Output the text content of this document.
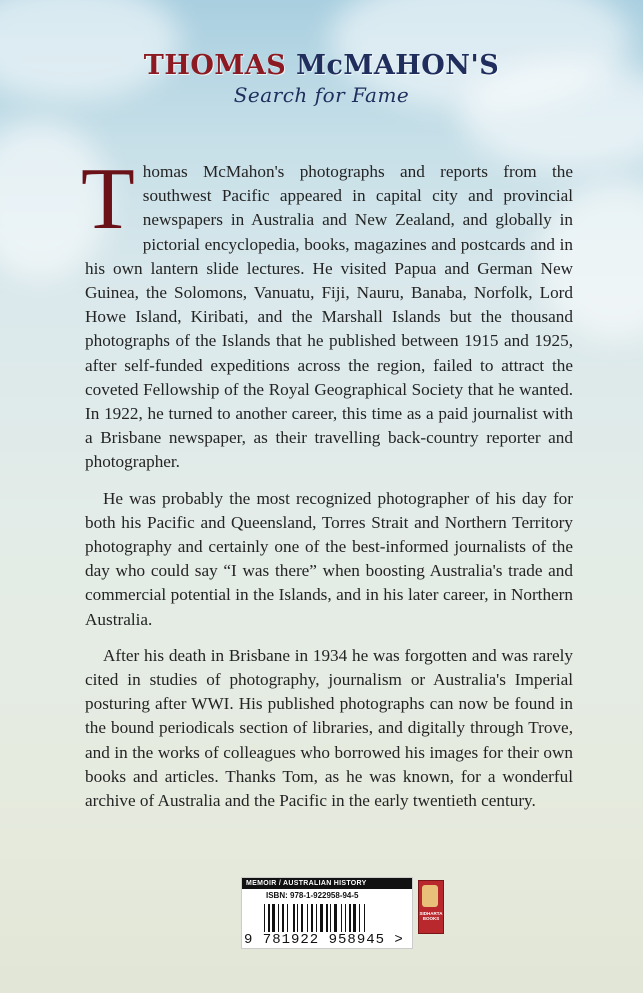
THOMAS McMAHON'S
Search for Fame

Thomas McMahon's photographs and reports from the southwest Pacific appeared in capital city and provincial newspapers in Australia and New Zealand, and globally in pictorial encyclopedia, books, magazines and postcards and in his own lantern slide lectures. He visited Papua and German New Guinea, the Solomons, Vanuatu, Fiji, Nauru, Banaba, Norfolk, Lord Howe Island, Kiribati, and the Marshall Islands but the thousand photographs of the Islands that he published between 1915 and 1925, after self-funded expeditions across the region, failed to attract the coveted Fellowship of the Royal Geographical Society that he wanted. In 1922, he turned to another career, this time as a paid journalist with a Brisbane newspaper, as their travelling back-country reporter and photographer.

He was probably the most recognized photographer of his day for both his Pacific and Queensland, Torres Strait and Northern Territory photography and certainly one of the best-informed journalists of the day who could say “I was there” when boosting Australia's trade and commercial potential in the Islands, and in his later career, in Northern Australia.

After his death in Brisbane in 1934 he was forgotten and was rarely cited in studies of photography, journalism or Australia's Imperial posturing after WWI. His published photographs can now be found in the bound periodicals section of libraries, and digitally through Trove, and in the works of colleagues who borrowed his images for their own books and articles. Thanks Tom, as he was known, for a wonderful archive of Australia and the Pacific in the early twentieth century.

MEMOIR / AUSTRALIAN HISTORY
ISBN: 978-1-922958-94-5
9 781922 958945 >
SIDHARTA BOOKS
